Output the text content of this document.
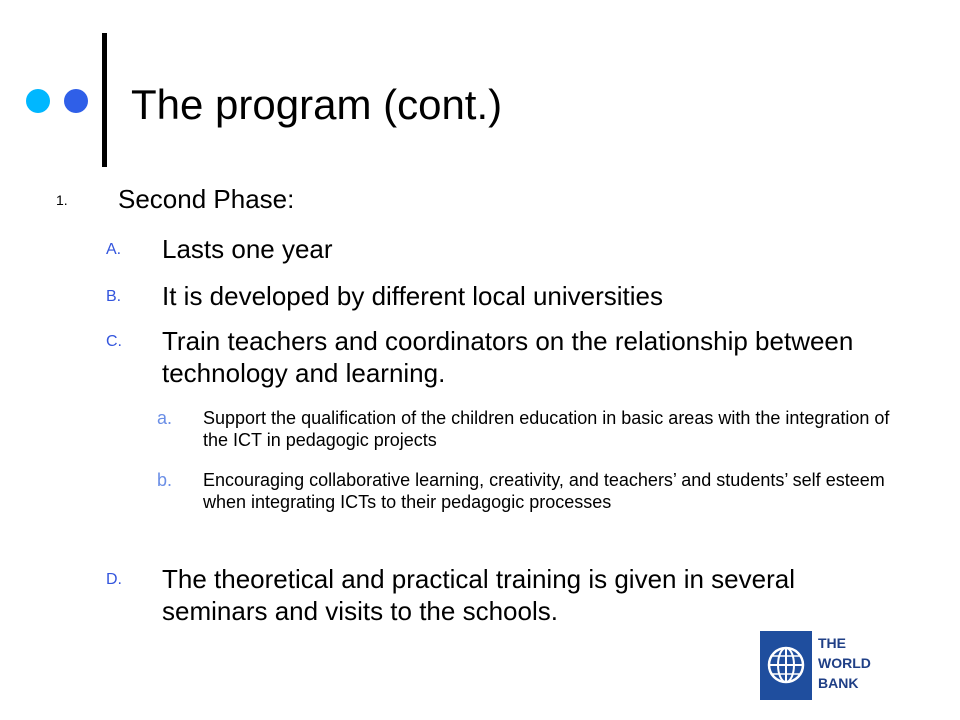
The program (cont.)
1. Second Phase:
A. Lasts one year
B. It is developed by different local universities
C. Train teachers and coordinators on the relationship between technology and learning.
a. Support the qualification of the children education in basic areas with the integration of the ICT in pedagogic projects
b. Encouraging collaborative learning, creativity, and teachers’ and students’ self esteem when integrating ICTs to their pedagogic processes
D. The theoretical and practical training is given in several seminars and visits to the schools.
THE
WORLD
BANK
